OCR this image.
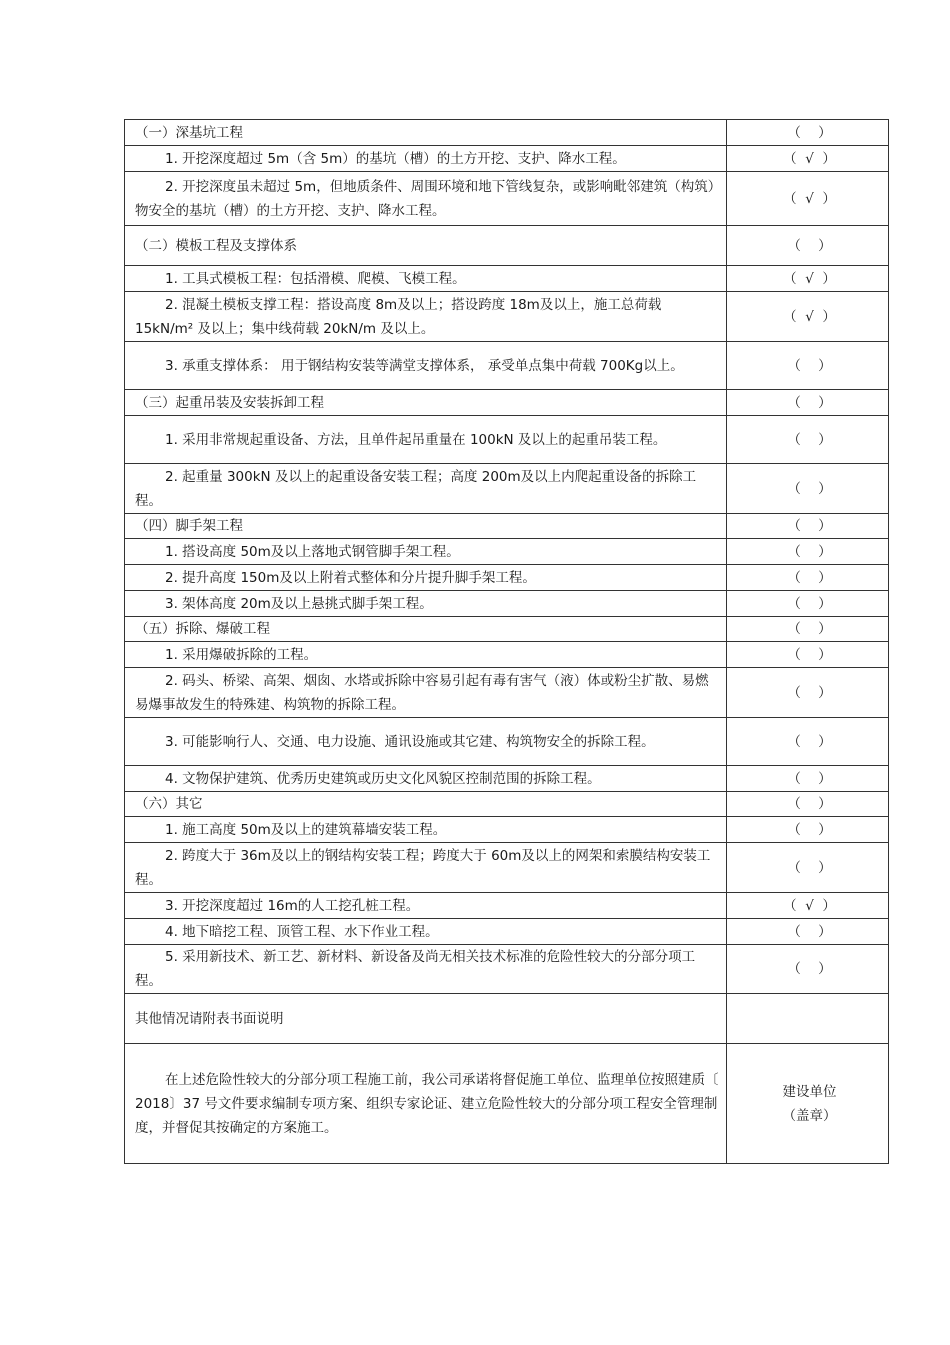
（一）深基坑工程	（    ）
1. 开挖深度超过 5m（含 5m）的基坑（槽）的土方开挖、支护、降水工程。	（  √  ）
2. 开挖深度虽未超过 5m，但地质条件、周围环境和地下管线复杂，或影响毗邻建筑（构筑）物安全的基坑（槽）的土方开挖、支护、降水工程。	（  √  ）
（二）模板工程及支撑体系	（    ）
1. 工具式模板工程：包括滑模、爬模、飞模工程。	（  √  ）
2. 混凝土模板支撑工程：搭设高度 8m及以上；搭设跨度 18m及以上，施工总荷载 15kN/m² 及以上；集中线荷载 20kN/m 及以上。	（  √  ）
3. 承重支撑体系： 用于钢结构安装等满堂支撑体系， 承受单点集中荷载 700Kg以上。	（    ）
（三）起重吊装及安装拆卸工程	（    ）
1. 采用非常规起重设备、方法，且单件起吊重量在 100kN 及以上的起重吊装工程。	（    ）
2. 起重量 300kN 及以上的起重设备安装工程；高度 200m及以上内爬起重设备的拆除工程。	（    ）
（四）脚手架工程	（    ）
1. 搭设高度 50m及以上落地式钢管脚手架工程。	（    ）
2. 提升高度 150m及以上附着式整体和分片提升脚手架工程。	（    ）
3. 架体高度 20m及以上悬挑式脚手架工程。	（    ）
（五）拆除、爆破工程	（    ）
1. 采用爆破拆除的工程。	（    ）
2. 码头、桥梁、高架、烟囱、水塔或拆除中容易引起有毒有害气（液）体或粉尘扩散、易燃易爆事故发生的特殊建、构筑物的拆除工程。	（    ）
3. 可能影响行人、交通、电力设施、通讯设施或其它建、构筑物安全的拆除工程。	（    ）
4. 文物保护建筑、优秀历史建筑或历史文化风貌区控制范围的拆除工程。	（    ）
（六）其它	（    ）
1. 施工高度 50m及以上的建筑幕墙安装工程。	（    ）
2. 跨度大于 36m及以上的钢结构安装工程；跨度大于 60m及以上的网架和索膜结构安装工程。	（    ）
3. 开挖深度超过 16m的人工挖孔桩工程。	（  √  ）
4. 地下暗挖工程、顶管工程、水下作业工程。	（    ）
5. 采用新技术、新工艺、新材料、新设备及尚无相关技术标准的危险性较大的分部分项工程。	（    ）
其他情况请附表书面说明	

在上述危险性较大的分部分项工程施工前，我公司承诺将督促施工单位、监理单位按照建质〔 2018〕37 号文件要求编制专项方案、组织专家论证、建立危险性较大的分部分项工程安全管理制度，并督促其按确定的方案施工。	建设单位
（盖章）
